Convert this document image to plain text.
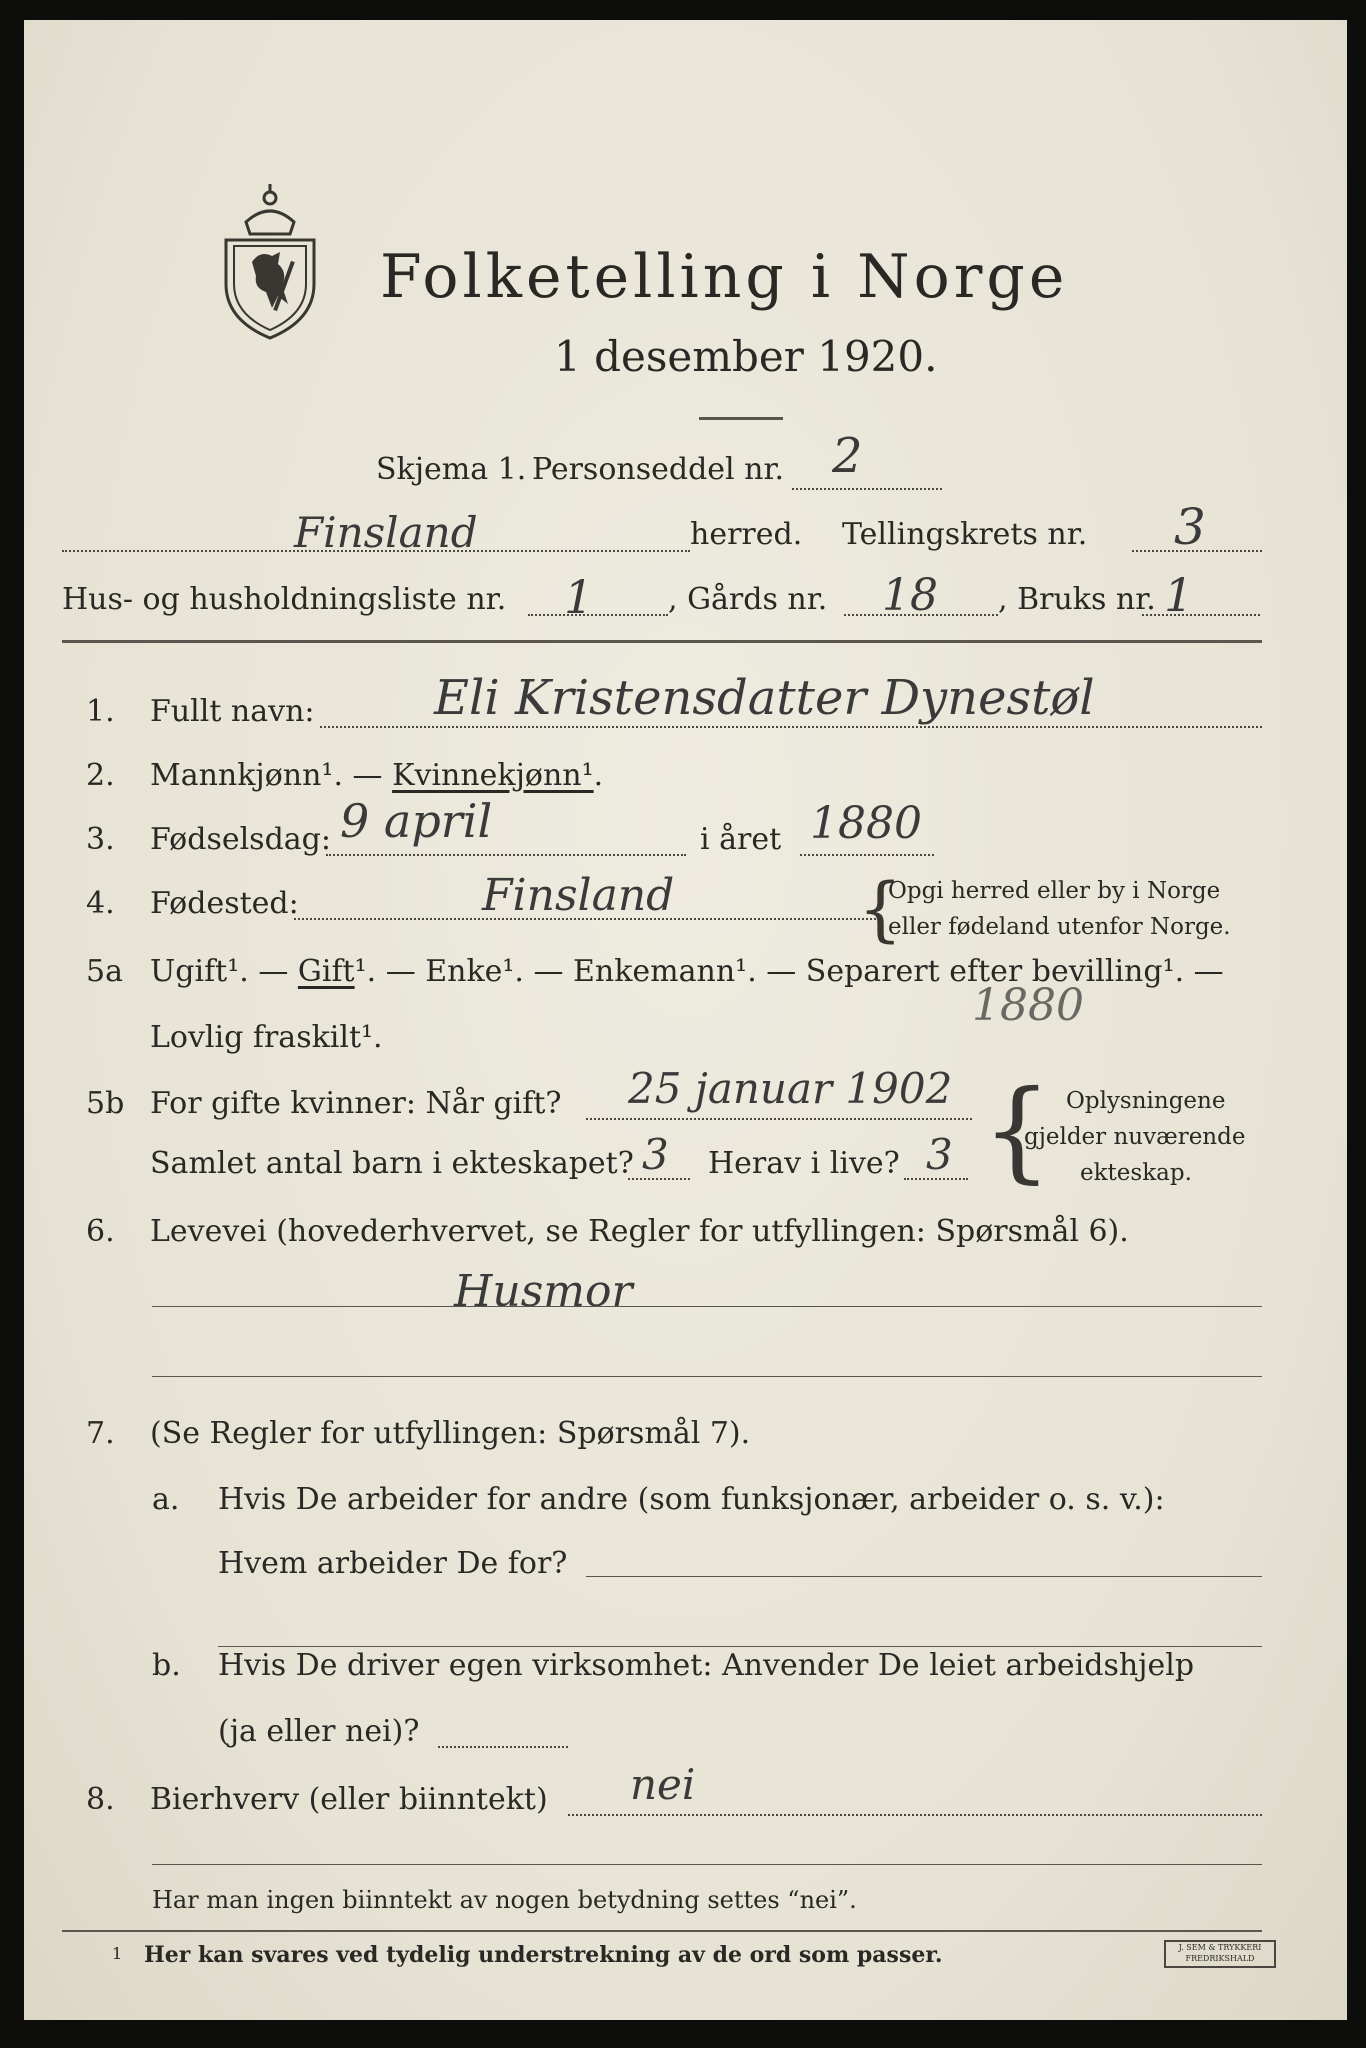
Folketelling i Norge
1 desember 1920.
Skjema 1. Personseddel nr. 2
Finsland	herred. Tellingskrets nr. 3
Hus- og husholdningsliste nr. 1 , Gårds nr. 18 , Bruks nr. 1
1. Fullt navn: Eli Kristensdatter Dynestøl
2. Mannkjønn¹. — Kvinnekjønn¹.
3. Fødselsdag: 9 april	i året 1880
4. Fødested:	Finsland	{
Opgi herred eller by i Norge
eller fødeland utenfor Norge.
5a Ugift¹. — Gift¹. — Enke¹. — Enkemann¹. — Separert efter bevilling¹. —
Lovlig fraskilt¹.
1880
5b For gifte kvinner: Når gift? 25 januar 1902
Samlet antal barn i ekteskapet? 3 Herav i live? 3 { Oplysningene
gjelder nuværende
ekteskap.
6. Levevei (hovederhvervet, se Regler for utfyllingen: Spørsmål 6).
Husmor
7. (Se Regler for utfyllingen: Spørsmål 7).
a. Hvis De arbeider for andre (som funksjonær, arbeider o. s. v.):
Hvem arbeider De for?
b. Hvis De driver egen virksomhet: Anvender De leiet arbeidshjelp
(ja eller nei)?
8. Bierhverv (eller biinntekt) nei
Har man ingen biinntekt av nogen betydning settes “nei”.
1 Her kan svares ved tydelig understrekning av de ord som passer.	J. SEM & TRYKKERI
FREDRIKSHALD
